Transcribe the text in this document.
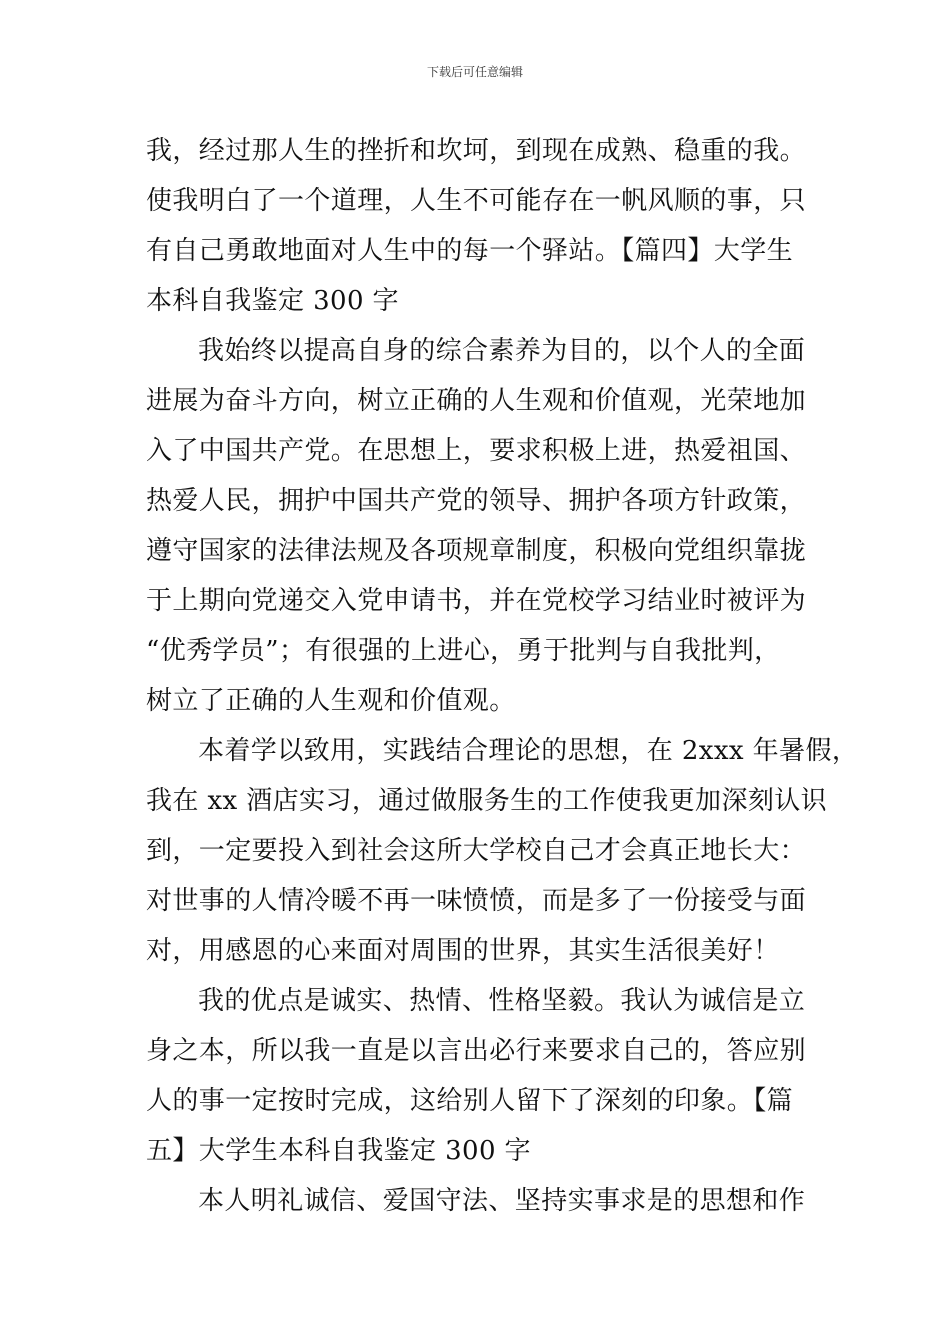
下载后可任意编辑
我，经过那人生的挫折和坎坷，到现在成熟、稳重的我。
使我明白了一个道理，人生不可能存在一帆风顺的事，只
有自己勇敢地面对人生中的每一个驿站。【篇四】大学生
本科自我鉴定 300 字
我始终以提高自身的综合素养为目的，以个人的全面
进展为奋斗方向，树立正确的人生观和价值观，光荣地加
入了中国共产党。在思想上，要求积极上进，热爱祖国、
热爱人民，拥护中国共产党的领导、拥护各项方针政策，
遵守国家的法律法规及各项规章制度，积极向党组织靠拢
于上期向党递交入党申请书，并在党校学习结业时被评为
“优秀学员”；有很强的上进心，勇于批判与自我批判，
树立了正确的人生观和价值观。
本着学以致用，实践结合理论的思想，在 2xxx 年暑假，
我在 xx 酒店实习，通过做服务生的工作使我更加深刻认识
到，一定要投入到社会这所大学校自己才会真正地长大：
对世事的人情冷暖不再一味愤愤，而是多了一份接受与面
对，用感恩的心来面对周围的世界，其实生活很美好！
我的优点是诚实、热情、性格坚毅。我认为诚信是立
身之本，所以我一直是以言出必行来要求自己的，答应别
人的事一定按时完成，这给别人留下了深刻的印象。【篇
五】大学生本科自我鉴定 300 字
本人明礼诚信、爱国守法、坚持实事求是的思想和作
